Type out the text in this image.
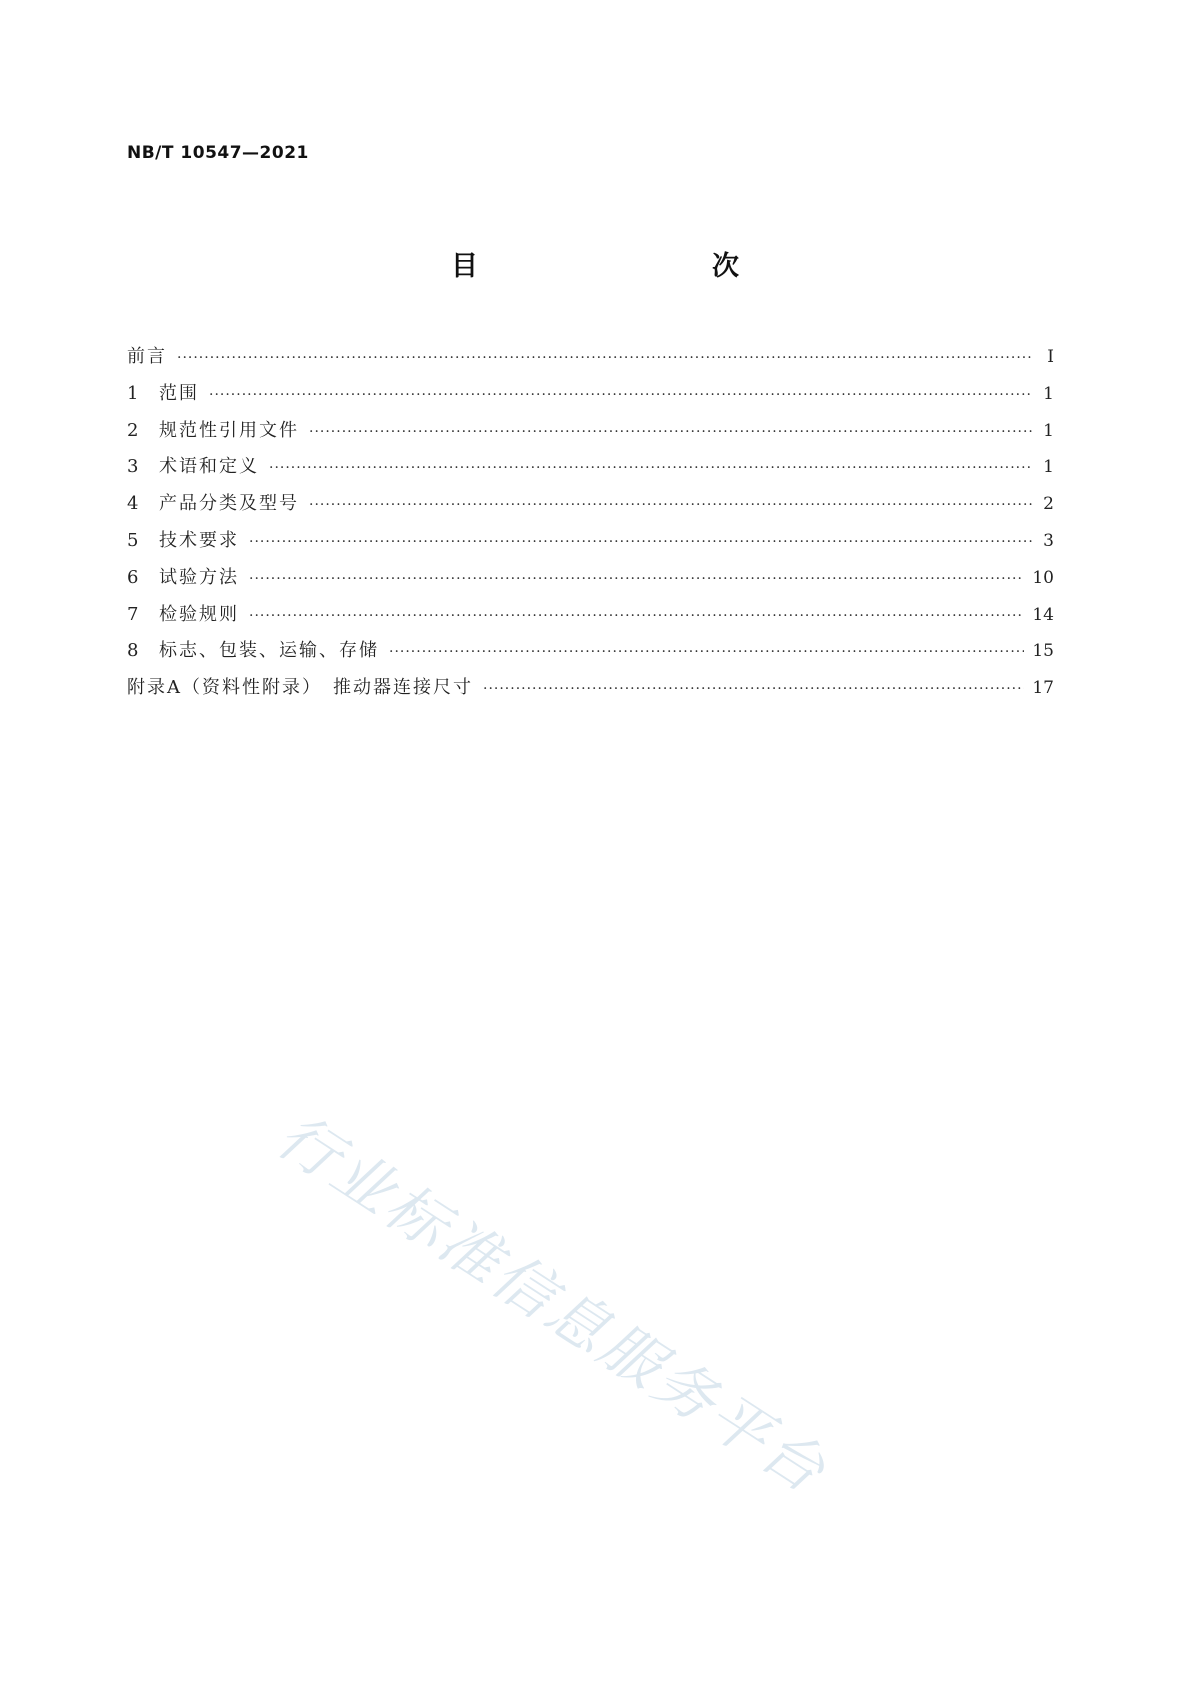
NB/T 10547—2021
目　　次
前言 ·····	Ⅰ
1	范围 ·····	1
2	规范性引用文件 ·····	1
3	术语和定义 ·····	1
4	产品分类及型号 ·····	2
5	技术要求 ·····	3
6	试验方法 ·····	10
7	检验规则 ·····	14
8	标志、包装、运输、存储 ·····	15
附录A（资料性附录）　推动器连接尺寸 ·····	17
行业标准信息服务平台
